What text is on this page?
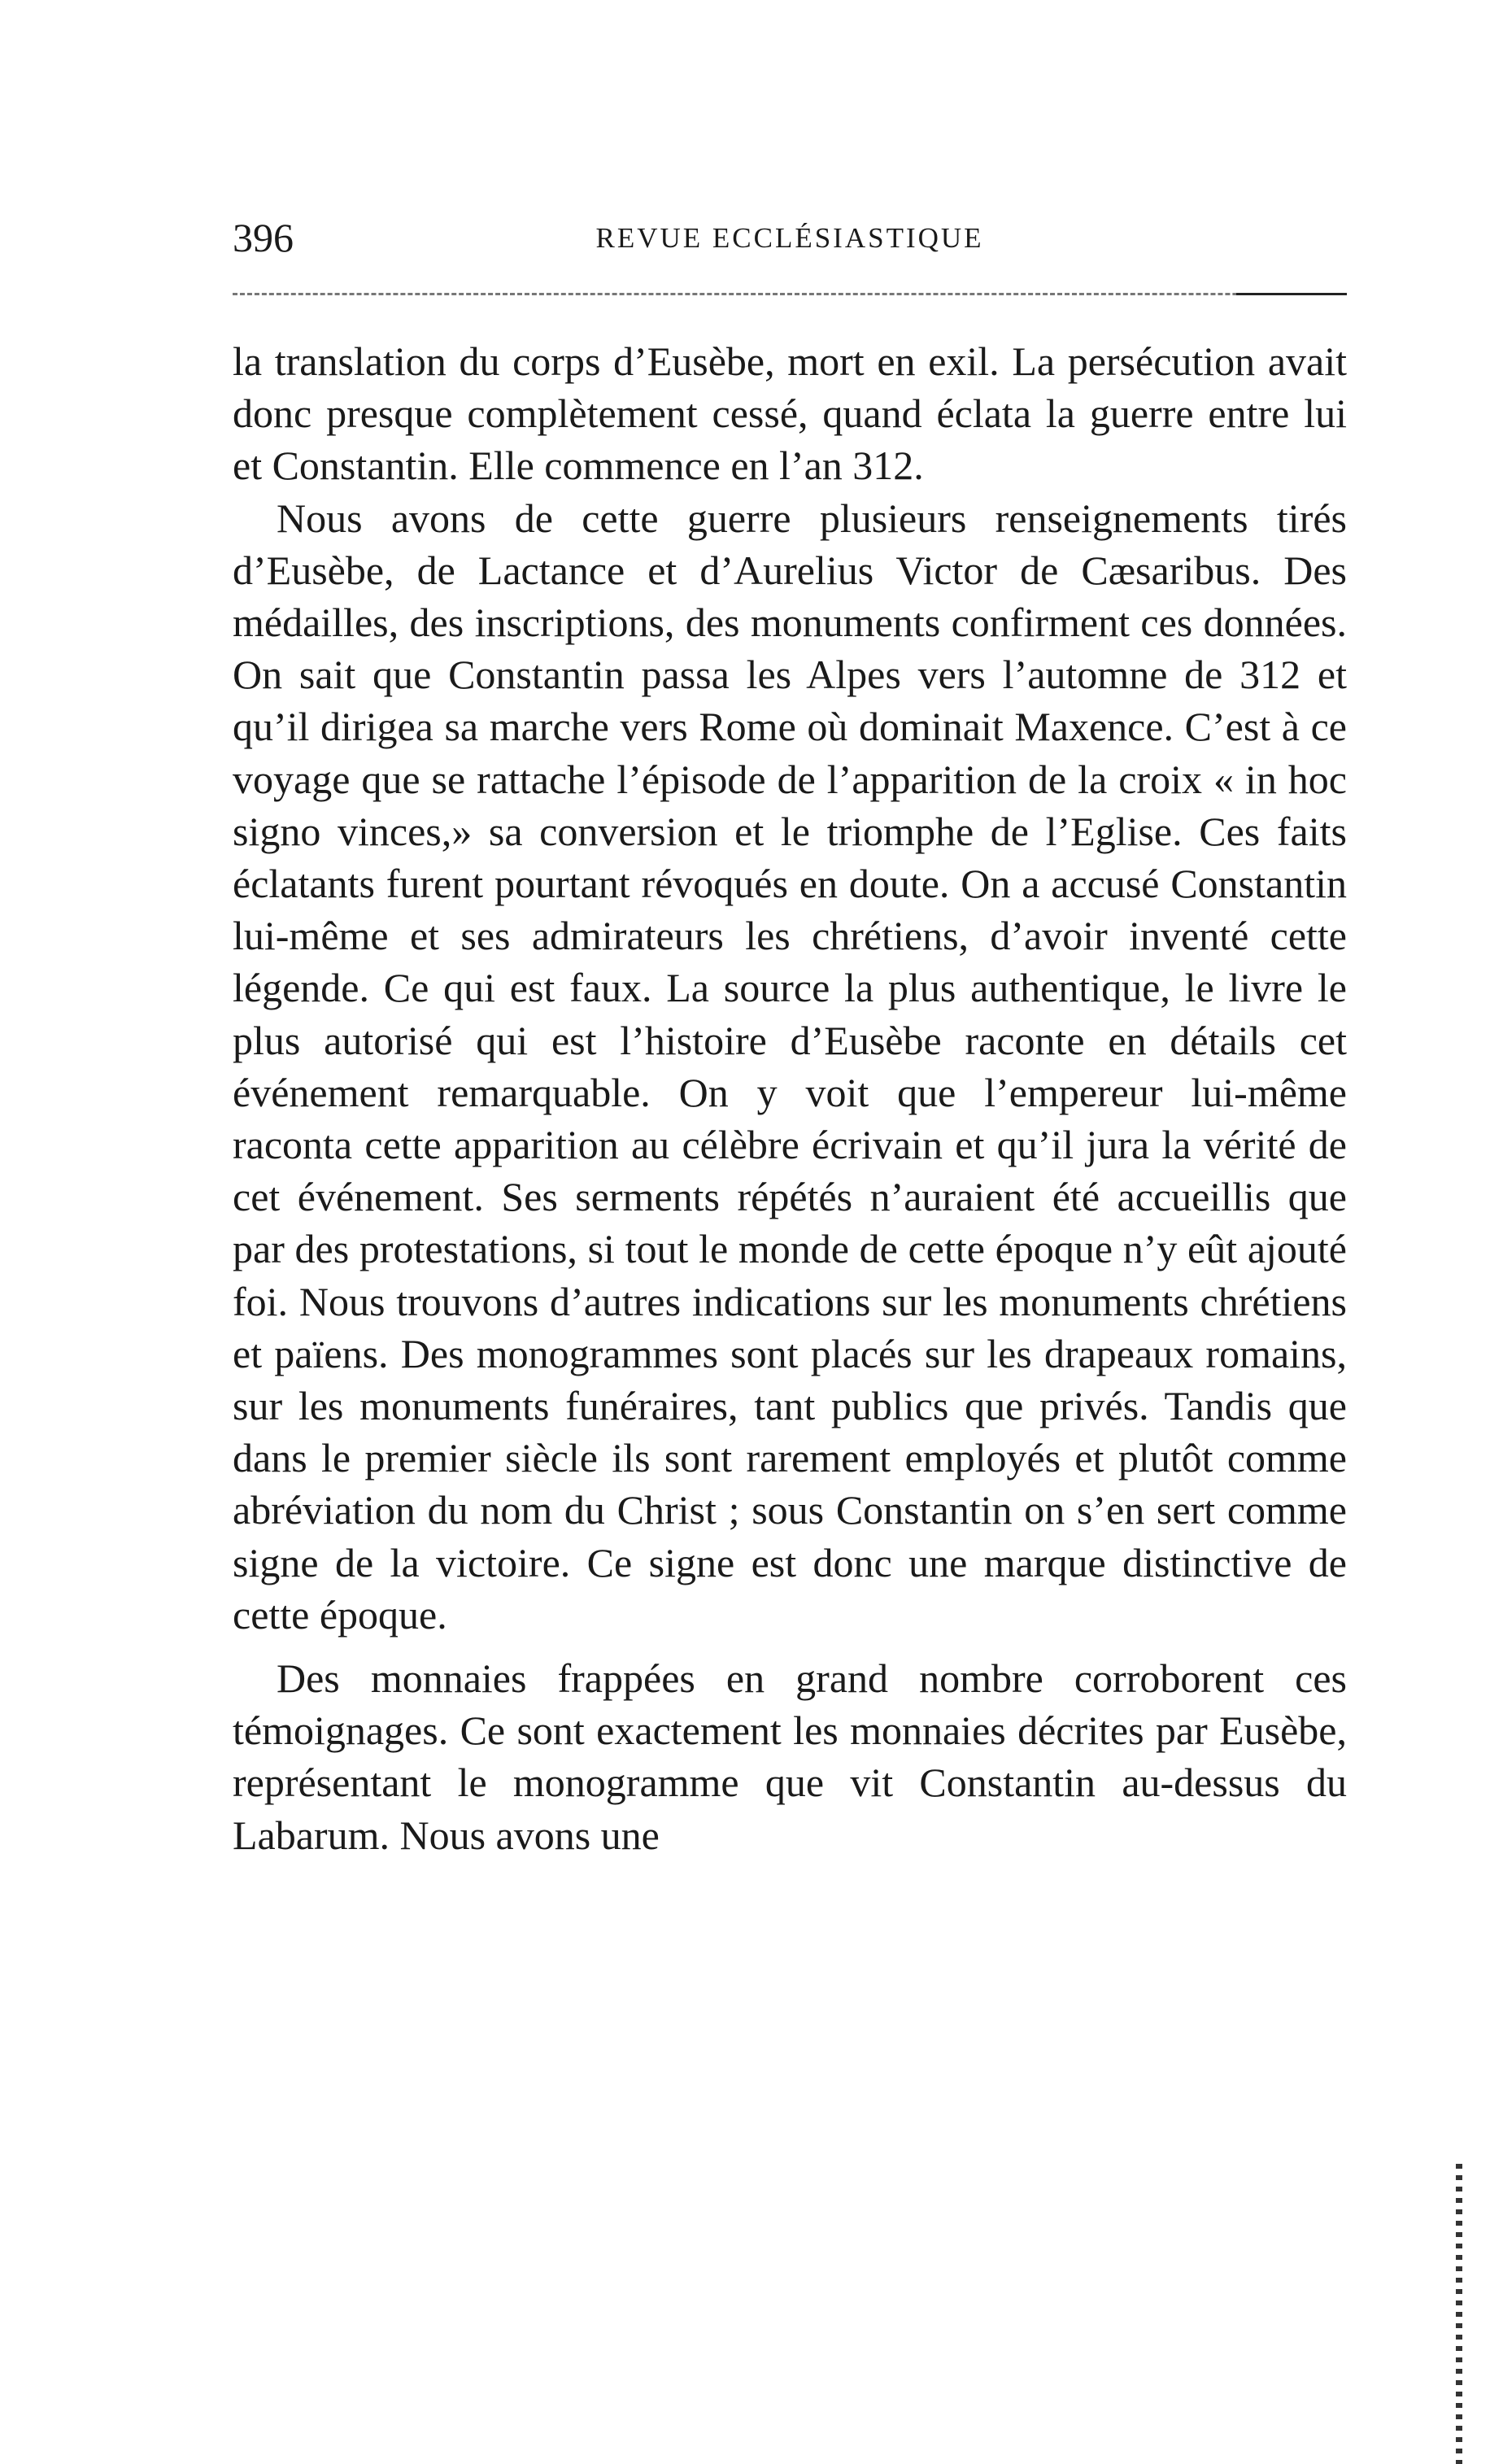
396	REVUE ECCLÉSIASTIQUE

la translation du corps d’Eusèbe, mort en exil. La persécution avait donc presque complètement cessé, quand éclata la guerre entre lui et Constantin. Elle commence en l’an 312.

Nous avons de cette guerre plusieurs renseignements tirés d’Eusèbe, de Lactance et d’Aurelius Victor de Cæsaribus. Des médailles, des inscriptions, des monuments confirment ces données. On sait que Constantin passa les Alpes vers l’automne de 312 et qu’il dirigea sa marche vers Rome où dominait Maxence. C’est à ce voyage que se rattache l’épisode de l’apparition de la croix « in hoc signo vinces,» sa conversion et le triomphe de l’Eglise. Ces faits éclatants furent pourtant révoqués en doute. On a accusé Constantin lui-même et ses admirateurs les chrétiens, d’avoir inventé cette légende. Ce qui est faux. La source la plus authentique, le livre le plus autorisé qui est l’histoire d’Eusèbe raconte en détails cet événement remarquable. On y voit que l’empereur lui-même raconta cette apparition au célèbre écrivain et qu’il jura la vérité de cet événement. Ses serments répétés n’auraient été accueillis que par des protestations, si tout le monde de cette époque n’y eût ajouté foi. Nous trouvons d’autres indications sur les monuments chrétiens et païens. Des monogrammes sont placés sur les drapeaux romains, sur les monuments funéraires, tant publics que privés. Tandis que dans le premier siècle ils sont rarement employés et plutôt comme abréviation du nom du Christ ; sous Constantin on s’en sert comme signe de la victoire. Ce signe est donc une marque distinctive de cette époque.

Des monnaies frappées en grand nombre corroborent ces témoignages. Ce sont exactement les monnaies décrites par Eusèbe, représentant le monogramme que vit Constantin au-dessus du Labarum. Nous avons une
